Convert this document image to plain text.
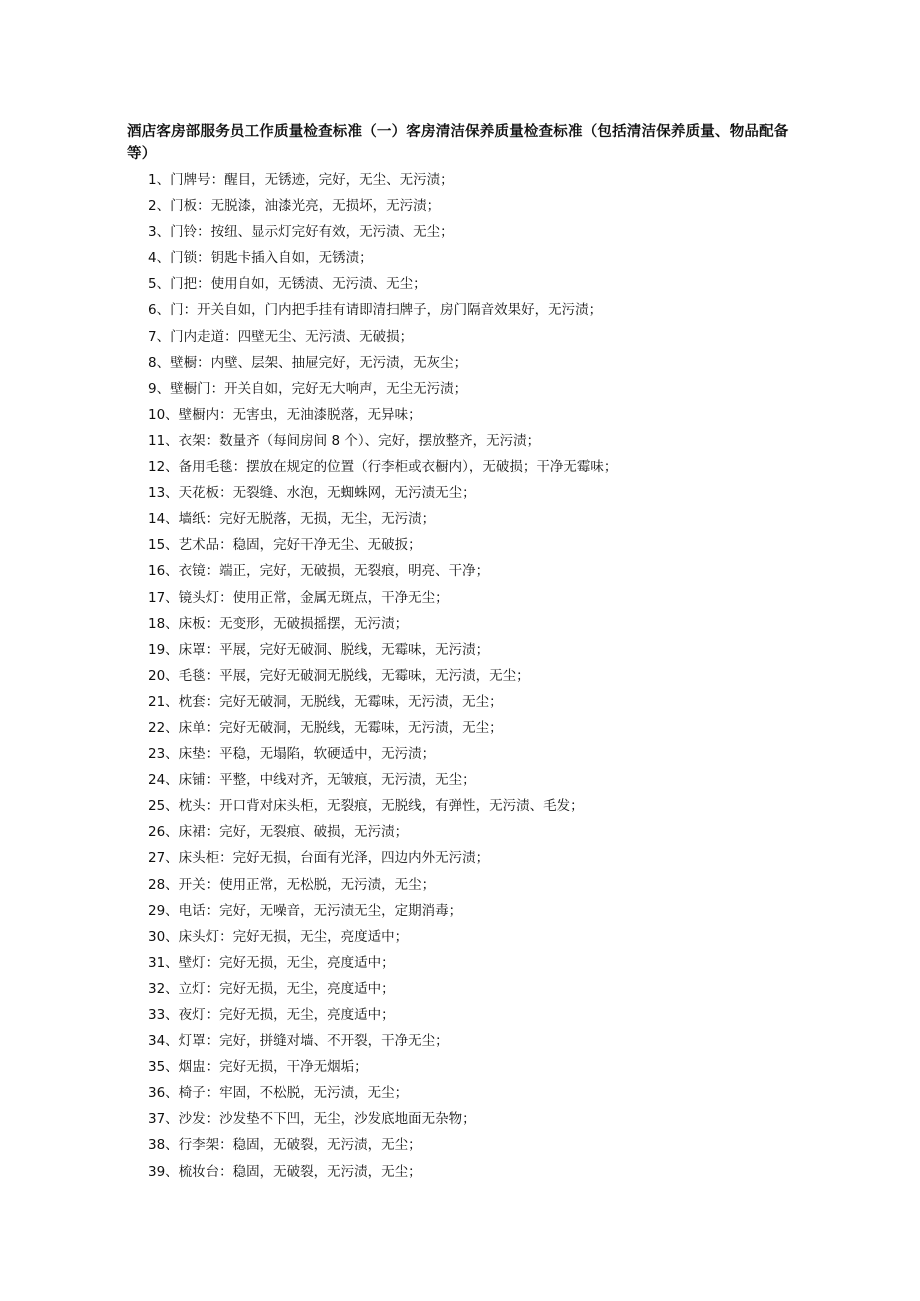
酒店客房部服务员工作质量检查标准（一）客房清洁保养质量检查标准（包括清洁保养质量、物品配备等）
1、门牌号：醒目，无锈迹，完好，无尘、无污渍；
2、门板：无脱漆，油漆光亮，无损坏，无污渍；
3、门铃：按纽、显示灯完好有效，无污渍、无尘；
4、门锁：钥匙卡插入自如，无锈渍；
5、门把：使用自如，无锈渍、无污渍、无尘；
6、门：开关自如，门内把手挂有请即清扫牌子，房门隔音效果好，无污渍；
7、门内走道：四壁无尘、无污渍、无破损；
8、壁橱：内壁、层架、抽屉完好，无污渍，无灰尘；
9、壁橱门：开关自如，完好无大响声，无尘无污渍；
10、壁橱内：无害虫，无油漆脱落，无异味；
11、衣架：数量齐（每间房间 8 个）、完好，摆放整齐，无污渍；
12、备用毛毯：摆放在规定的位置（行李柜或衣橱内），无破损；干净无霉味；
13、天花板：无裂缝、水泡，无蜘蛛网，无污渍无尘；
14、墙纸：完好无脱落，无损，无尘，无污渍；
15、艺术品：稳固，完好干净无尘、无破扳；
16、衣镜：端正，完好，无破损，无裂痕，明亮、干净；
17、镜头灯：使用正常，金属无斑点，干净无尘；
18、床板：无变形，无破损摇摆，无污渍；
19、床罩：平展，完好无破洞、脱线，无霉味，无污渍；
20、毛毯：平展，完好无破洞无脱线，无霉味，无污渍，无尘；
21、枕套：完好无破洞，无脱线，无霉味，无污渍，无尘；
22、床单：完好无破洞，无脱线，无霉味，无污渍，无尘；
23、床垫：平稳，无塌陷，软硬适中，无污渍；
24、床铺：平整，中线对齐，无皱痕，无污渍，无尘；
25、枕头：开口背对床头柜，无裂痕，无脱线，有弹性，无污渍、毛发；
26、床裙：完好，无裂痕、破损，无污渍；
27、床头柜：完好无损，台面有光泽，四边内外无污渍；
28、开关：使用正常，无松脱，无污渍，无尘；
29、电话：完好，无噪音，无污渍无尘，定期消毒；
30、床头灯：完好无损，无尘，亮度适中；
31、壁灯：完好无损，无尘，亮度适中；
32、立灯：完好无损，无尘，亮度适中；
33、夜灯：完好无损，无尘，亮度适中；
34、灯罩：完好，拼缝对墙、不开裂，干净无尘；
35、烟盅：完好无损，干净无烟垢；
36、椅子：牢固，不松脱，无污渍，无尘；
37、沙发：沙发垫不下凹，无尘，沙发底地面无杂物；
38、行李架：稳固，无破裂，无污渍，无尘；
39、梳妆台：稳固，无破裂，无污渍，无尘；
